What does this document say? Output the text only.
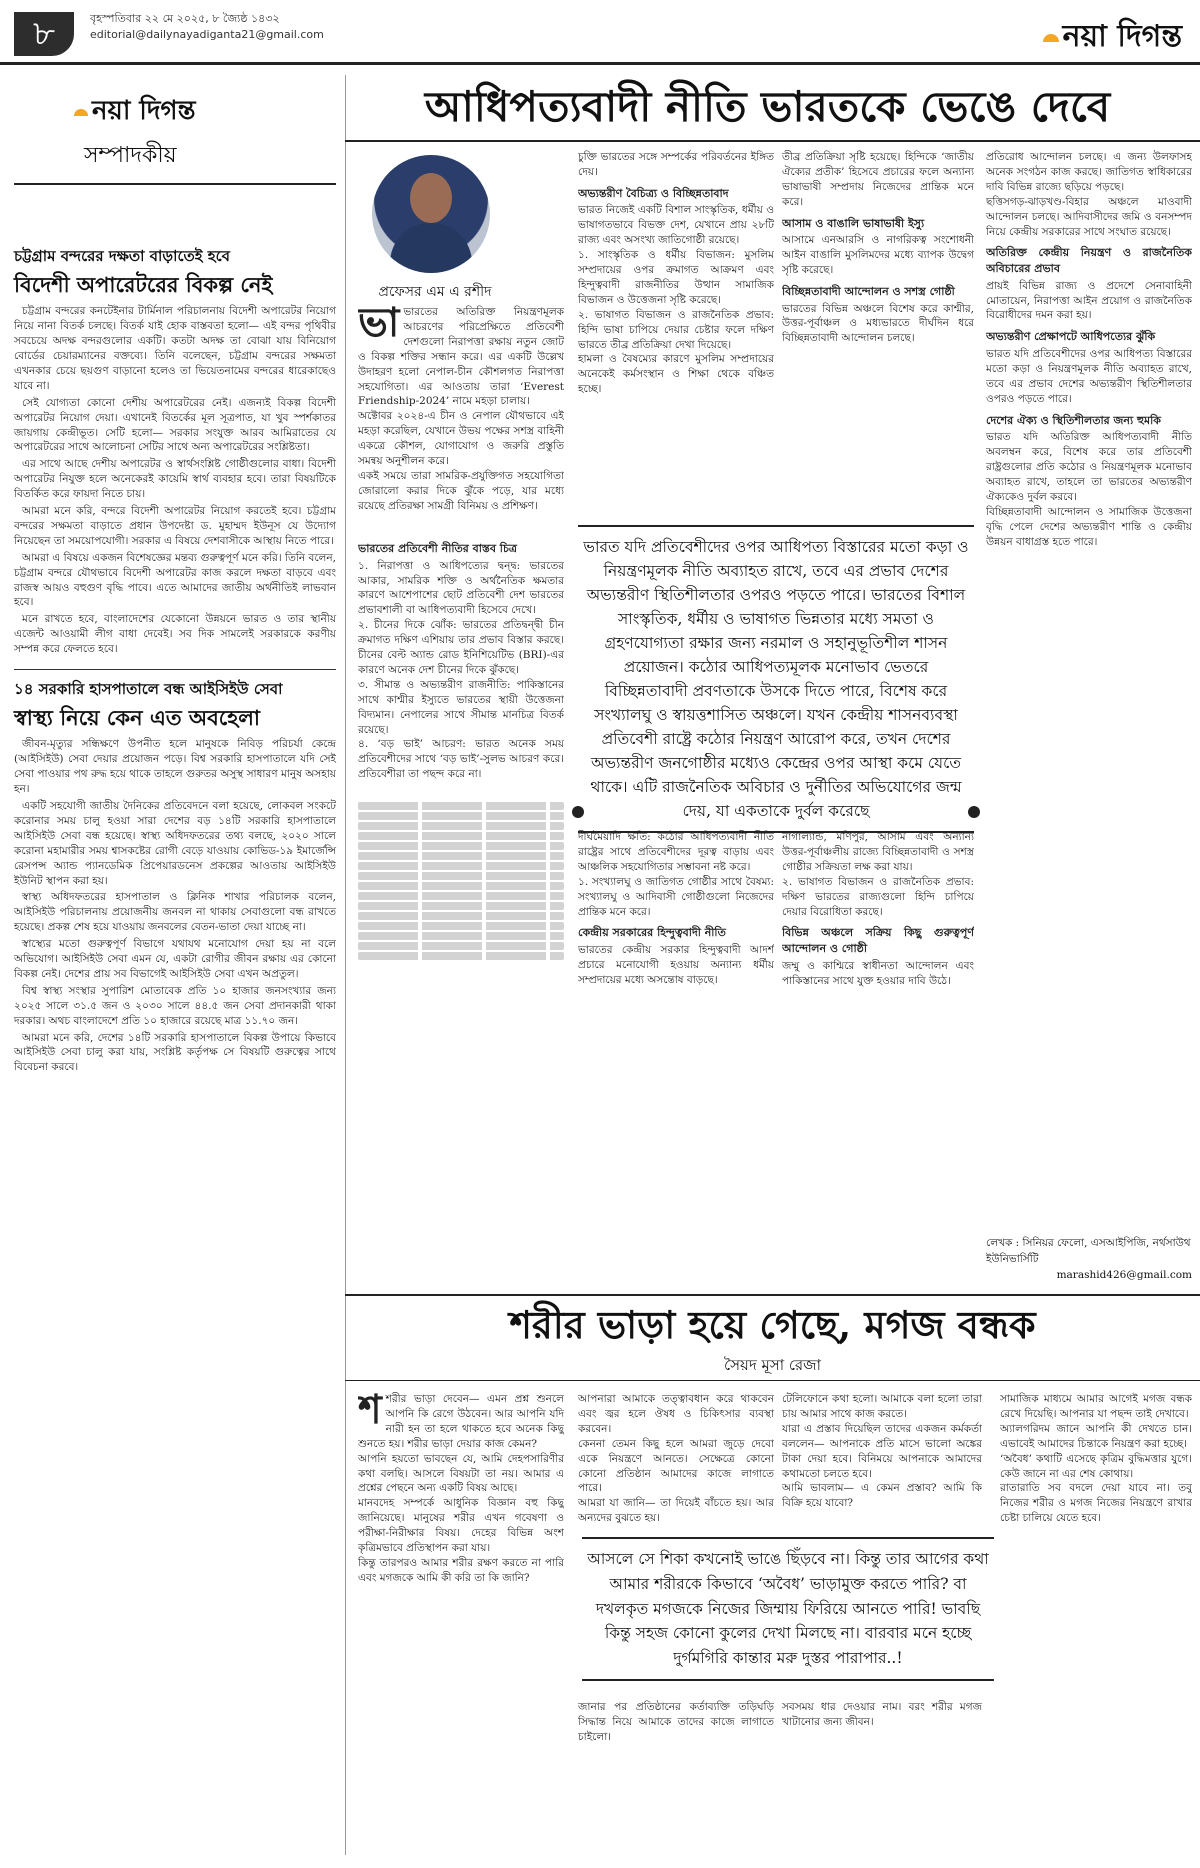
৮	বৃহস্পতিবার ২২ মে ২০২৫, ৮ জ্যৈষ্ঠ ১৪৩২
editorial@dailynayadiganta21@gmail.com	নয়া দিগন্ত
নয়া দিগন্ত
সম্পাদকীয়
চট্টগ্রাম বন্দরের দক্ষতা বাড়াতেই হবে
বিদেশী অপারেটরের বিকল্প নেই

চট্টগ্রাম বন্দরের কনটেইনার টার্মিনাল পরিচালনায় বিদেশী অপারেটর নিয়োগ নিয়ে নানা বিতর্ক চলছে। বিতর্ক যাই হোক বাস্তবতা হলো— এই বন্দর পৃথিবীর সবচেয়ে অদক্ষ বন্দরগুলোর একটি। কতটা অদক্ষ তা বোঝা যায় বিনিয়োগ বোর্ডের চেয়ারম্যানের বক্তব্যে। তিনি বলেছেন, চট্টগ্রাম বন্দরের সক্ষমতা এখনকার চেয়ে ছয়গুণ বাড়ানো হলেও তা ভিয়েতনামের বন্দরের ধারেকাছেও যাবে না।

সেই যোগ্যতা কোনো দেশীয় অপারেটরের নেই। এজন্যই বিকল্প বিদেশী অপারেটর নিয়োগ দেয়া। এখানেই বিতর্কের মূল সূত্রপাত, যা খুব স্পর্শকাতর জায়গায় কেন্দ্রীভূত। সেটি হলো— সরকার সংযুক্ত আরব আমিরাতের যে অপারেটরের সাথে আলোচনা সেটির সাথে অন্য অপারেটরের সংশ্লিষ্টতা।

এর সাথে আছে দেশীয় অপারেটর ও স্বার্থসংশ্লিষ্ট গোষ্ঠীগুলোর বাধা। বিদেশী অপারেটর নিযুক্ত হলে অনেকেরই কায়েমি স্বার্থ ব্যবহার হবে। তারা বিষয়টিকে বিতর্কিত করে ফায়দা নিতে চায়।

আমরা মনে করি, বন্দরে বিদেশী অপারেটর নিয়োগ করতেই হবে। চট্টগ্রাম বন্দরের সক্ষমতা বাড়াতে প্রধান উপদেষ্টা ড. মুহাম্মদ ইউনূস যে উদ্যোগ নিয়েছেন তা সময়োপযোগী। সরকার এ বিষয়ে দেশবাসীকে আস্থায় নিতে পারে।

আমরা এ বিষয়ে একজন বিশেষজ্ঞের মন্তব্য গুরুত্বপূর্ণ মনে করি। তিনি বলেন, চট্টগ্রাম বন্দরে যৌথভাবে বিদেশী অপারেটর কাজ করলে দক্ষতা বাড়বে এবং রাজস্ব আয়ও বহুগুণ বৃদ্ধি পাবে। এতে আমাদের জাতীয় অর্থনীতিই লাভবান হবে।

মনে রাখতে হবে, বাংলাদেশের যেকোনো উন্নয়নে ভারত ও তার স্থানীয় এজেন্ট আওয়ামী লীগ বাধা দেবেই। সব দিক সামলেই সরকারকে করণীয় সম্পন্ন করে ফেলতে হবে।

১৪ সরকারি হাসপাতালে বন্ধ আইসিইউ সেবা
স্বাস্থ্য নিয়ে কেন এত অবহেলা

জীবন-মৃত্যুর সন্ধিক্ষণে উপনীত হলে মানুষকে নিবিড় পরিচর্যা কেন্দ্রে (আইসিইউ) সেবা দেয়ার প্রয়োজন পড়ে। বিশ্ব সরকারি হাসপাতালে যদি সেই সেবা পাওয়ার পথ রুদ্ধ হয়ে থাকে তাহলে গুরুতর অসুস্থ সাধারণ মানুষ অসহায় হন।

একটি সহযোগী জাতীয় দৈনিকের প্রতিবেদনে বলা হয়েছে, লোকবল সংকটে করোনার সময় চালু হওয়া সারা দেশের বড় ১৪টি সরকারি হাসপাতালে আইসিইউ সেবা বন্ধ হয়েছে। স্বাস্থ্য অধিদফতরের তথ্য বলছে, ২০২০ সালে করোনা মহামারীর সময় শ্বাসকষ্টের রোগী বেড়ে যাওয়ায় কোভিড-১৯ ইমার্জেন্সি রেসপন্স অ্যান্ড প্যানডেমিক প্রিপেয়ারডনেস প্রকল্পের আওতায় আইসিইউ ইউনিট স্থাপন করা হয়।

স্বাস্থ্য অধিদফতরের হাসপাতাল ও ক্লিনিক শাখার পরিচালক বলেন, আইসিইউ পরিচালনায় প্রয়োজনীয় জনবল না থাকায় সেবাগুলো বন্ধ রাখতে হয়েছে। প্রকল্প শেষ হয়ে যাওয়ায় জনবলের বেতন-ভাতা দেয়া যাচ্ছে না।

স্বাস্থ্যের মতো গুরুত্বপূর্ণ বিভাগে যথাযথ মনোযোগ দেয়া হয় না বলে অভিযোগ। আইসিইউ সেবা এমন যে, একটা রোগীর জীবন রক্ষায় এর কোনো বিকল্প নেই। দেশের প্রায় সব বিভাগেই আইসিইউ সেবা এখন অপ্রতুল।

বিশ্ব স্বাস্থ্য সংস্থার সুপারিশ মোতাবেক প্রতি ১০ হাজার জনসংখ্যার জন্য ২০২৫ সালে ৩১.৫ জন ও ২০৩০ সালে ৪৪.৫ জন সেবা প্রদানকারী থাকা দরকার। অথচ বাংলাদেশে প্রতি ১০ হাজারে রয়েছে মাত্র ১১.৭০ জন।

আমরা মনে করি, দেশের ১৪টি সরকারি হাসপাতালে বিকল্প উপায়ে কিভাবে আইসিইউ সেবা চালু করা যায়, সংশ্লিষ্ট কর্তৃপক্ষ সে বিষয়টি গুরুত্বের সাথে বিবেচনা করবে।

আধিপত্যবাদী নীতি ভারতকে ভেঙে দেবে
প্রফেসর এম এ রশীদ
ভা ভারতের অতিরিক্ত নিয়ন্ত্রণমূলক আচরণের পরিপ্রেক্ষিতে প্রতিবেশী দেশগুলো নিরাপত্তা রক্ষায় নতুন জোট ও বিকল্প শক্তির সন্ধান করে। এর একটি উল্লেখ উদাহরণ হলো নেপাল-চীন কৌশলগত নিরাপত্তা সহযোগিতা। এর আওতায় তারা ‘Everest Friendship-2024’ নামে মহড়া চালায়।

অক্টোবর ২০২৪-এ চীন ও নেপাল যৌথভাবে এই মহড়া করেছিল, যেখানে উভয় পক্ষের সশস্ত্র বাহিনী একত্রে কৌশল, যোগাযোগ ও জরুরি প্রস্তুতি সমন্বয় অনুশীলন করে।

একই সময়ে তারা সামরিক-প্রযুক্তিগত সহযোগিতা জোরালো করার দিকে ঝুঁকে পড়ে, যার মধ্যে রয়েছে প্রতিরক্ষা সামগ্রী বিনিময় ও প্রশিক্ষণ।

ভারতের প্রতিবেশী নীতির বাস্তব চিত্র

১. নিরাপত্তা ও আধিপত্যের দ্বন্দ্ব: ভারতের আকার, সামরিক শক্তি ও অর্থনৈতিক ক্ষমতার কারণে আশেপাশের ছোট প্রতিবেশী দেশ ভারতের প্রভাবশালী বা আধিপত্যবাদী হিসেবে দেখে।

২. চীনের দিকে ঝোঁক: ভারতের প্রতিদ্বন্দ্বী চীন ক্রমাগত দক্ষিণ এশিয়ায় তার প্রভাব বিস্তার করছে। চীনের বেল্ট অ্যান্ড রোড ইনিশিয়েটিভ (BRI)-এর কারণে অনেক দেশ চীনের দিকে ঝুঁকছে।

৩. সীমান্ত ও অভ্যন্তরীণ রাজনীতি: পাকিস্তানের সাথে কাশ্মীর ইস্যুতে ভারতের স্থায়ী উত্তেজনা বিদ্যমান। নেপালের সাথে সীমান্ত মানচিত্র বিতর্ক রয়েছে।

৪. ‘বড় ভাই’ আচরণ: ভারত অনেক সময় প্রতিবেশীদের সাথে ‘বড় ভাই’-সুলভ আচরণ করে। প্রতিবেশীরা তা পছন্দ করে না।

চুক্তি ভারতের সঙ্গে সম্পর্কের পরিবর্তনের ইঙ্গিত দেয়।

অভ্যন্তরীণ বৈচিত্র্য ও বিচ্ছিন্নতাবাদ

ভারত নিজেই একটি বিশাল সাংস্কৃতিক, ধর্মীয় ও ভাষাগতভাবে বিভক্ত দেশ, যেখানে প্রায় ২৮টি রাজ্য এবং অসংখ্য জাতিগোষ্ঠী রয়েছে।

১. সাংস্কৃতিক ও ধর্মীয় বিভাজন: মুসলিম সম্প্রদায়ের ওপর ক্রমাগত আক্রমণ এবং হিন্দুত্ববাদী রাজনীতির উত্থান সামাজিক বিভাজন ও উত্তেজনা সৃষ্টি করেছে।

২. ভাষাগত বিভাজন ও রাজনৈতিক প্রভাব: হিন্দি ভাষা চাপিয়ে দেয়ার চেষ্টার ফলে দক্ষিণ ভারতে তীব্র প্রতিক্রিয়া দেখা দিয়েছে।

হামলা ও বৈষম্যের কারণে মুসলিম সম্প্রদায়ের অনেকেই কর্মসংস্থান ও শিক্ষা থেকে বঞ্চিত হচ্ছে।

তীব্র প্রতিক্রিয়া সৃষ্টি হয়েছে। হিন্দিকে ‘জাতীয় ঐক্যের প্রতীক’ হিসেবে প্রচারের ফলে অন্যান্য ভাষাভাষী সম্প্রদায় নিজেদের প্রান্তিক মনে করে।

আসাম ও বাঙালি ভাষাভাষী ইস্যু

আসামে এনআরসি ও নাগরিকত্ব সংশোধনী আইন বাঙালি মুসলিমদের মধ্যে ব্যাপক উদ্বেগ সৃষ্টি করেছে।

বিচ্ছিন্নতাবাদী আন্দোলন ও সশস্ত্র গোষ্ঠী

ভারতের বিভিন্ন অঞ্চলে বিশেষ করে কাশ্মীর, উত্তর-পূর্বাঞ্চল ও মধ্যভারতে দীর্ঘদিন ধরে বিচ্ছিন্নতাবাদী আন্দোলন চলছে।

প্রতিরোধ আন্দোলন চলছে। এ জন্য উলফাসহ অনেক সংগঠন কাজ করছে। জাতিগত স্বাধিকারের দাবি বিভিন্ন রাজ্যে ছড়িয়ে পড়ছে।

ছত্তিসগড়-ঝাড়খণ্ড-বিহার অঞ্চলে মাওবাদী আন্দোলন চলছে। আদিবাসীদের জমি ও বনসম্পদ নিয়ে কেন্দ্রীয় সরকারের সাথে সংঘাত রয়েছে।

অতিরিক্ত কেন্দ্রীয় নিয়ন্ত্রণ ও রাজনৈতিক অবিচারের প্রভাব

প্রায়ই বিভিন্ন রাজ্য ও প্রদেশে সেনাবাহিনী মোতায়েন, নিরাপত্তা আইন প্রয়োগ ও রাজনৈতিক বিরোধীদের দমন করা হয়।

অভ্যন্তরীণ প্রেক্ষাপটে আধিপত্যের ঝুঁকি

ভারত যদি প্রতিবেশীদের ওপর আধিপত্য বিস্তারের মতো কড়া ও নিয়ন্ত্রণমূলক নীতি অব্যাহত রাখে, তবে এর প্রভাব দেশের অভ্যন্তরীণ স্থিতিশীলতার ওপরও পড়তে পারে।

দেশের ঐক্য ও স্থিতিশীলতার জন্য হুমকি

ভারত যদি অতিরিক্ত আধিপত্যবাদী নীতি অবলম্বন করে, বিশেষ করে তার প্রতিবেশী রাষ্ট্রগুলোর প্রতি কঠোর ও নিয়ন্ত্রণমূলক মনোভাব অব্যাহত রাখে, তাহলে তা ভারতের অভ্যন্তরীণ ঐক্যকেও দুর্বল করবে।

বিচ্ছিন্নতাবাদী আন্দোলন ও সামাজিক উত্তেজনা বৃদ্ধি পেলে দেশের অভ্যন্তরীণ শান্তি ও কেন্দ্রীয় উন্নয়ন বাধাগ্রস্ত হতে পারে।

ভারত যদি প্রতিবেশীদের ওপর আধিপত্য বিস্তারের মতো কড়া ও নিয়ন্ত্রণমূলক নীতি অব্যাহত রাখে, তবে এর প্রভাব দেশের অভ্যন্তরীণ স্থিতিশীলতার ওপরও পড়তে পারে। ভারতের বিশাল সাংস্কৃতিক, ধর্মীয় ও ভাষাগত ভিন্নতার মধ্যে সমতা ও গ্রহণযোগ্যতা রক্ষার জন্য নরমাল ও সহানুভূতিশীল শাসন প্রয়োজন। কঠোর আধিপত্যমূলক মনোভাব ভেতরে বিচ্ছিন্নতাবাদী প্রবণতাকে উসকে দিতে পারে, বিশেষ করে সংখ্যালঘু ও স্বায়ত্তশাসিত অঞ্চলে। যখন কেন্দ্রীয় শাসনব্যবস্থা প্রতিবেশী রাষ্ট্রে কঠোর নিয়ন্ত্রণ আরোপ করে, তখন দেশের অভ্যন্তরীণ জনগোষ্ঠীর মধ্যেও কেন্দ্রের ওপর আস্থা কমে যেতে থাকে। এটি রাজনৈতিক অবিচার ও দুর্নীতির অভিযোগের জন্ম দেয়, যা একতাকে দুর্বল করেছে

দীর্ঘমেয়াদি ক্ষতি: কঠোর আধিপত্যবাদী নীতি রাষ্ট্রের সাথে প্রতিবেশীদের দূরত্ব বাড়ায় এবং আঞ্চলিক সহযোগিতার সম্ভাবনা নষ্ট করে।

১. সংখ্যালঘু ও জাতিগত গোষ্ঠীর সাথে বৈষম্য: সংখ্যালঘু ও আদিবাসী গোষ্ঠীগুলো নিজেদের প্রান্তিক মনে করে।

কেন্দ্রীয় সরকারের হিন্দুত্ববাদী নীতি

ভারতের কেন্দ্রীয় সরকার হিন্দুত্ববাদী আদর্শ প্রচারে মনোযোগী হওয়ায় অন্যান্য ধর্মীয় সম্প্রদায়ের মধ্যে অসন্তোষ বাড়ছে।

নাগাল্যান্ড, মণিপুর, আসাম এবং অন্যান্য উত্তর-পূর্বাঞ্চলীয় রাজ্যে বিচ্ছিন্নতাবাদী ও সশস্ত্র গোষ্ঠীর সক্রিয়তা লক্ষ করা যায়।

২. ভাষাগত বিভাজন ও রাজনৈতিক প্রভাব: দক্ষিণ ভারতের রাজ্যগুলো হিন্দি চাপিয়ে দেয়ার বিরোধিতা করছে।

বিভিন্ন অঞ্চলে সক্রিয় কিছু গুরুত্বপূর্ণ আন্দোলন ও গোষ্ঠী

জম্মু ও কাশ্মিরে স্বাধীনতা আন্দোলন এবং পাকিস্তানের সাথে যুক্ত হওয়ার দাবি উঠে।

লেখক : সিনিয়র ফেলো, এসআইপিজি, নর্থসাউথ ইউনিভার্সিটি
marashid426@gmail.com
শরীর ভাড়া হয়ে গেছে, মগজ বন্ধক
সৈয়দ মূসা রেজা
শ শরীর ভাড়া দেবেন— এমন প্রশ্ন শুনলে আপনি কি রেগে উঠবেন। আর আপনি যদি নারী হন তা হলে থাকতে হবে অনেক কিছু শুনতে হয়। শরীর ভাড়া দেয়ার কাজ কেমন?

আপনি হয়তো ভাবছেন যে, আমি দেহপসারিণীর কথা বলছি। আসলে বিষয়টা তা নয়। আমার এ প্রশ্নের পেছনে অন্য একটি বিষয় আছে।

মানবদেহ সম্পর্কে আধুনিক বিজ্ঞান বহু কিছু জানিয়েছে। মানুষের শরীর এখন গবেষণা ও পরীক্ষা-নিরীক্ষার বিষয়। দেহের বিভিন্ন অংশ কৃত্রিমভাবে প্রতিস্থাপন করা যায়।

কিন্তু তারপরও আমার শরীর রক্ষণ করতে না পারি এবং মগজকে আমি কী করি তা কি জানি?

আপনারা আমাকে তত্ত্বাবধান করে থাকবেন এবং জ্বর হলে ঔষধ ও চিকিৎসার ব্যবস্থা করবেন।

কেননা তেমন কিছু হলে আমরা জুড়ে দেবো একে নিয়ন্ত্রণে আনতে। সেক্ষেত্রে কোনো কোনো প্রতিষ্ঠান আমাদের কাজে লাগাতে পারে।

আমরা যা জানি— তা দিয়েই বাঁচতে হয়। আর অন্যদের বুঝতে হয়।

জানার পর প্রতিষ্ঠানের কর্তাব্যক্তি তড়িঘড়ি সিদ্ধান্ত নিয়ে আমাকে তাদের কাজে লাগাতে চাইলো।

টেলিফোনে কথা হলো। আমাকে বলা হলো তারা চায় আমার সাথে কাজ করতে।

যারা এ প্রস্তাব দিয়েছিল তাদের একজন কর্মকর্তা বললেন— আপনাকে প্রতি মাসে ভালো অঙ্কের টাকা দেয়া হবে। বিনিময়ে আপনাকে আমাদের কথামতো চলতে হবে।

আমি ভাবলাম— এ কেমন প্রস্তাব? আমি কি বিক্রি হয়ে যাবো?

সবসময় ধার দেওয়ার নাম। বরং শরীর মগজ খাটানোর জন্য জীবন।

সামাজিক মাধ্যমে আমার আগেই মগজ বন্ধক রেখে দিয়েছি। আপনার যা পছন্দ তাই দেখাবে।

অ্যালগরিদম জানে আপনি কী দেখতে চান। এভাবেই আমাদের চিন্তাকে নিয়ন্ত্রণ করা হচ্ছে।

‘অবৈধ’ কথাটি এসেছে কৃত্রিম বুদ্ধিমত্তার যুগে। কেউ জানে না এর শেষ কোথায়।

রাতারাতি সব বদলে দেয়া যাবে না। তবু নিজের শরীর ও মগজ নিজের নিয়ন্ত্রণে রাখার চেষ্টা চালিয়ে যেতে হবে।

আসলে সে শিকা কখনোই ভাঙে ছিঁড়বে না। কিন্তু তার আগের কথা আমার শরীরকে কিভাবে ‘অবৈধ’ ভাড়ামুক্ত করতে পারি? বা দখলকৃত মগজকে নিজের জিম্মায় ফিরিয়ে আনতে পারি! ভাবছি কিন্তু সহজ কোনো কুলের দেখা মিলছে না। বারবার মনে হচ্ছে দুর্গমগিরি কান্তার মরু দুস্তর পারাপার..!
